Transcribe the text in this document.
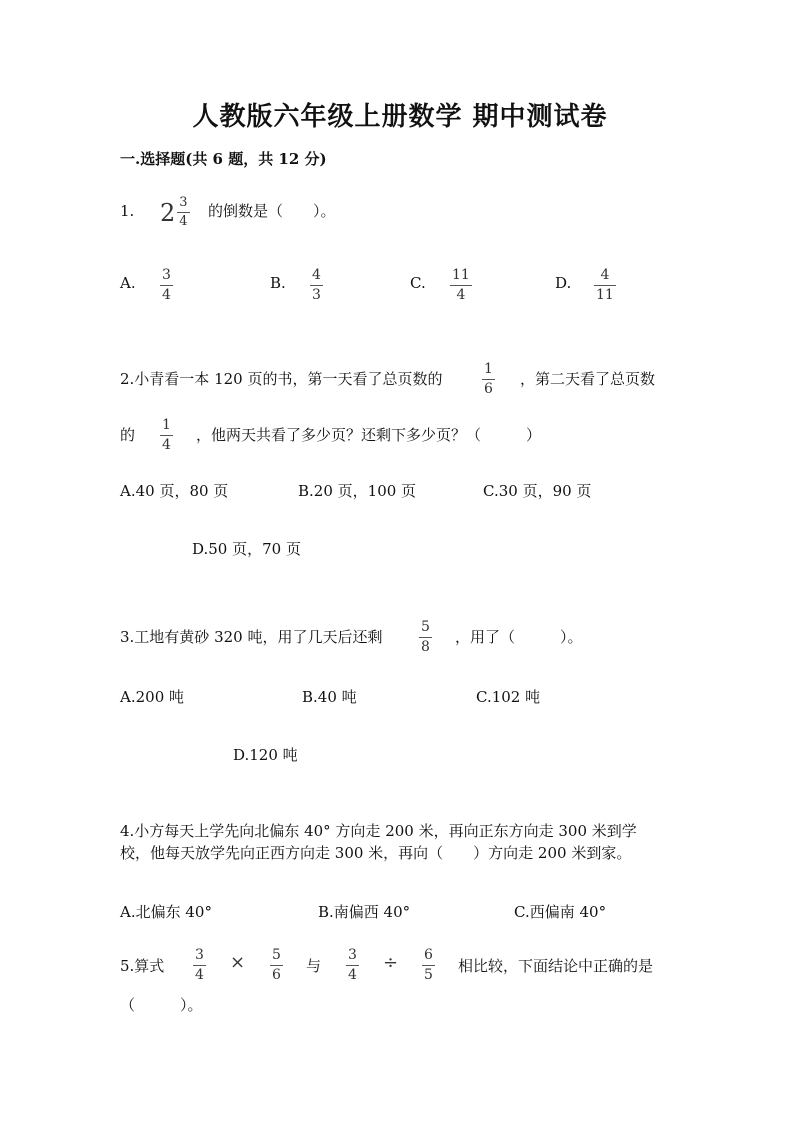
人教版六年级上册数学 期中测试卷
一.选择题(共 6 题，共 12 分)
1. $2 \frac{3}{4}$ 的倒数是（　　）。
A. 3
4
B. 4
3
C. 11
4
D. 4
11
2.小青看一本 120 页的书，第一天看了总页数的
1
6
，第二天看了总页数
的
1
4
，他两天共看了多少页？还剩下多少页？（　　　）
A.40 页，80 页	B.20 页，100 页	C.30 页，90 页
D.50 页，70 页
3.工地有黄砂 320 吨，用了几天后还剩
5
8
，用了（　　　）。
A.200 吨	B.40 吨	C.102 吨
D.120 吨
4.小方每天上学先向北偏东 40° 方向走 200 米，再向正东方向走 300 米到学
校，他每天放学先向正西方向走 300 米，再向（　　）方向走 200 米到家。
A.北偏东 40°	B.南偏西 40°	C.西偏南 40°
5.算式
3
4
× 5
6 与
3
4
÷ 6
5 相比较，下面结论中正确的是
（　　　）。
